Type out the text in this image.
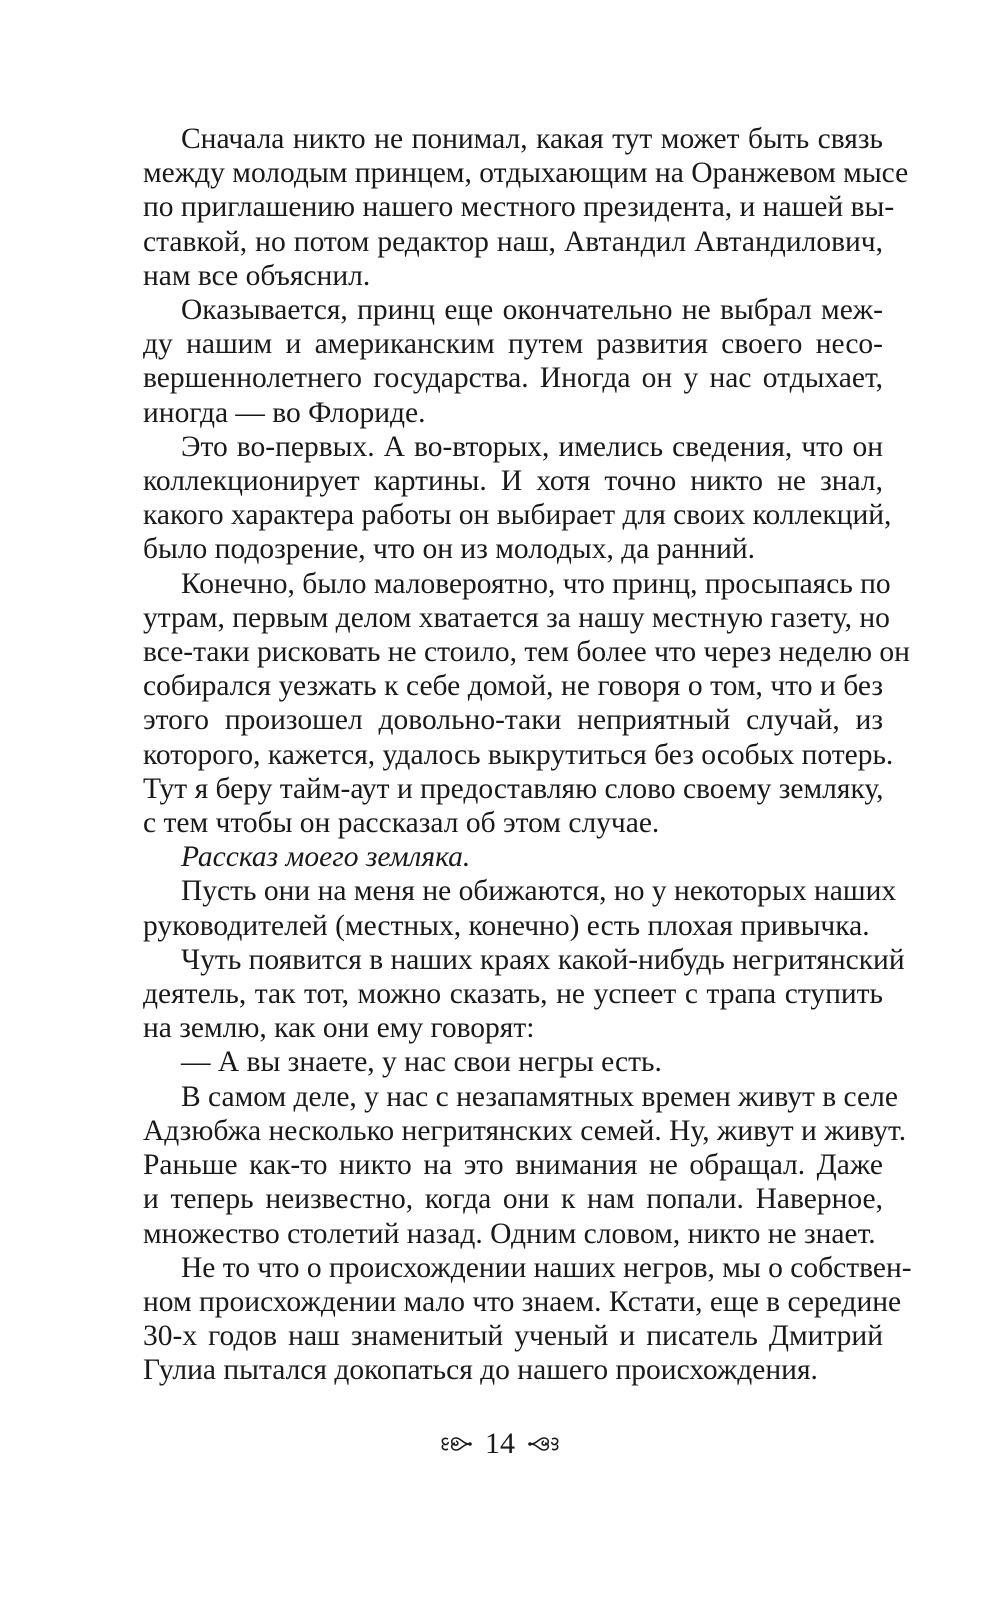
Сначала никто не понимал, какая тут может быть связь
между молодым принцем, отдыхающим на Оранжевом мысе
по приглашению нашего местного президента, и нашей вы-
ставкой, но потом редактор наш, Автандил Автандилович,
нам все объяснил.

Оказывается, принц еще окончательно не выбрал меж-
ду нашим и американским путем развития своего несо-
вершеннолетнего государства. Иногда он у нас отдыхает,
иногда — во Флориде.

Это во-первых. А во-вторых, имелись сведения, что он
коллекционирует картины. И хотя точно никто не знал,
какого характера работы он выбирает для своих коллекций,
было подозрение, что он из молодых, да ранний.

Конечно, было маловероятно, что принц, просыпаясь по
утрам, первым делом хватается за нашу местную газету, но
все-таки рисковать не стоило, тем более что через неделю он
собирался уезжать к себе домой, не говоря о том, что и без
этого произошел довольно-таки неприятный случай, из
которого, кажется, удалось выкрутиться без особых потерь.
Тут я беру тайм-аут и предоставляю слово своему земляку,
с тем чтобы он рассказал об этом случае.

Рассказ моего земляка.

Пусть они на меня не обижаются, но у некоторых наших
руководителей (местных, конечно) есть плохая привычка.

Чуть появится в наших краях какой-нибудь негритянский
деятель, так тот, можно сказать, не успеет с трапа ступить
на землю, как они ему говорят:

— А вы знаете, у нас свои негры есть.

В самом деле, у нас с незапамятных времен живут в селе
Адзюбжа несколько негритянских семей. Ну, живут и живут.
Раньше как-то никто на это внимания не обращал. Даже
и теперь неизвестно, когда они к нам попали. Наверное,
множество столетий назад. Одним словом, никто не знает.

Не то что о происхождении наших негров, мы о собствен-
ном происхождении мало что знаем. Кстати, еще в середине
30-х годов наш знаменитый ученый и писатель Дмитрий
Гулиа пытался докопаться до нашего происхождения.

14
